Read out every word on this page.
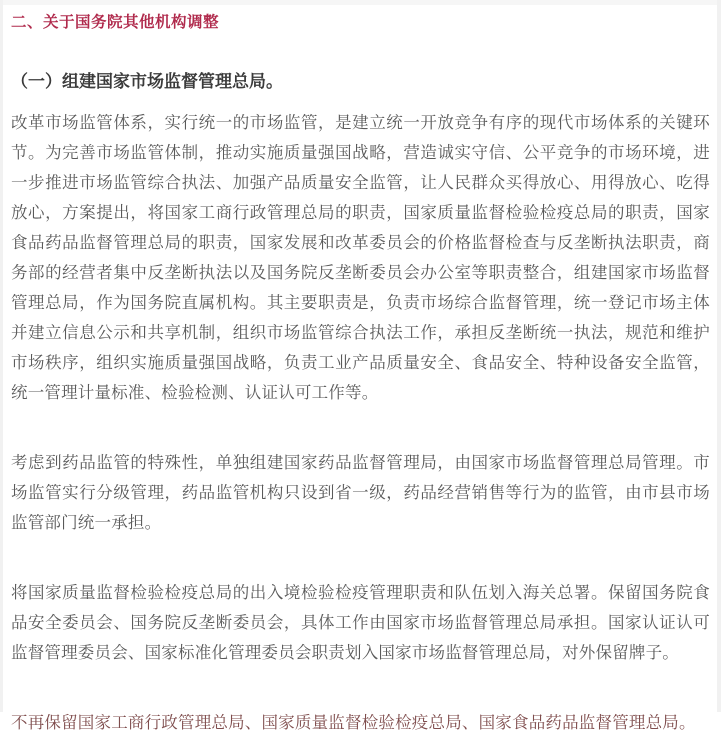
二、关于国务院其他机构调整
（一）组建国家市场监督管理总局。

改革市场监管体系，实行统一的市场监管，是建立统一开放竞争有序的现代市场体系的关键环节。为完善市场监管体制，推动实施质量强国战略，营造诚实守信、公平竞争的市场环境，进一步推进市场监管综合执法、加强产品质量安全监管，让人民群众买得放心、用得放心、吃得放心，方案提出，将国家工商行政管理总局的职责，国家质量监督检验检疫总局的职责，国家食品药品监督管理总局的职责，国家发展和改革委员会的价格监督检查与反垄断执法职责，商务部的经营者集中反垄断执法以及国务院反垄断委员会办公室等职责整合，组建国家市场监督管理总局，作为国务院直属机构。其主要职责是，负责市场综合监督管理，统一登记市场主体并建立信息公示和共享机制，组织市场监管综合执法工作，承担反垄断统一执法，规范和维护市场秩序，组织实施质量强国战略，负责工业产品质量安全、食品安全、特种设备安全监管，统一管理计量标准、检验检测、认证认可工作等。

考虑到药品监管的特殊性，单独组建国家药品监督管理局，由国家市场监督管理总局管理。市场监管实行分级管理，药品监管机构只设到省一级，药品经营销售等行为的监管，由市县市场监管部门统一承担。

将国家质量监督检验检疫总局的出入境检验检疫管理职责和队伍划入海关总署。保留国务院食品安全委员会、国务院反垄断委员会，具体工作由国家市场监督管理总局承担。国家认证认可监督管理委员会、国家标准化管理委员会职责划入国家市场监督管理总局，对外保留牌子。

不再保留国家工商行政管理总局、国家质量监督检验检疫总局、国家食品药品监督管理总局。
